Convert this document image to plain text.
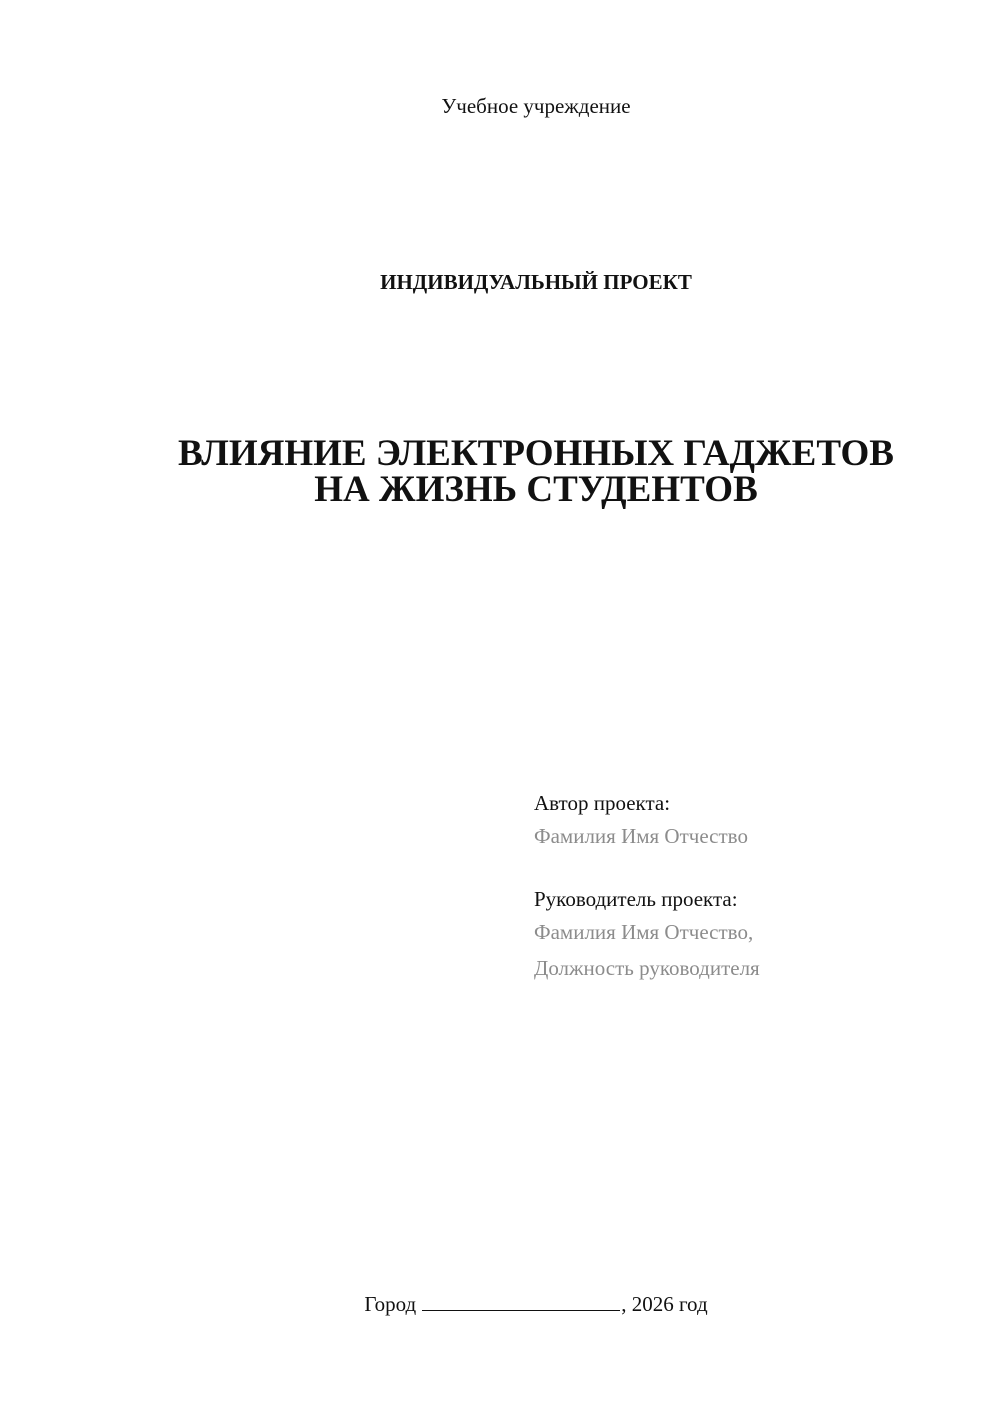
Учебное учреждение
ИНДИВИДУАЛЬНЫЙ ПРОЕКТ
ВЛИЯНИЕ ЭЛЕКТРОННЫХ ГАДЖЕТОВ
НА ЖИЗНЬ СТУДЕНТОВ
Автор проекта:
Фамилия Имя Отчество
Руководитель проекта:
Фамилия Имя Отчество,
Должность руководителя
Город	, 2026 год
